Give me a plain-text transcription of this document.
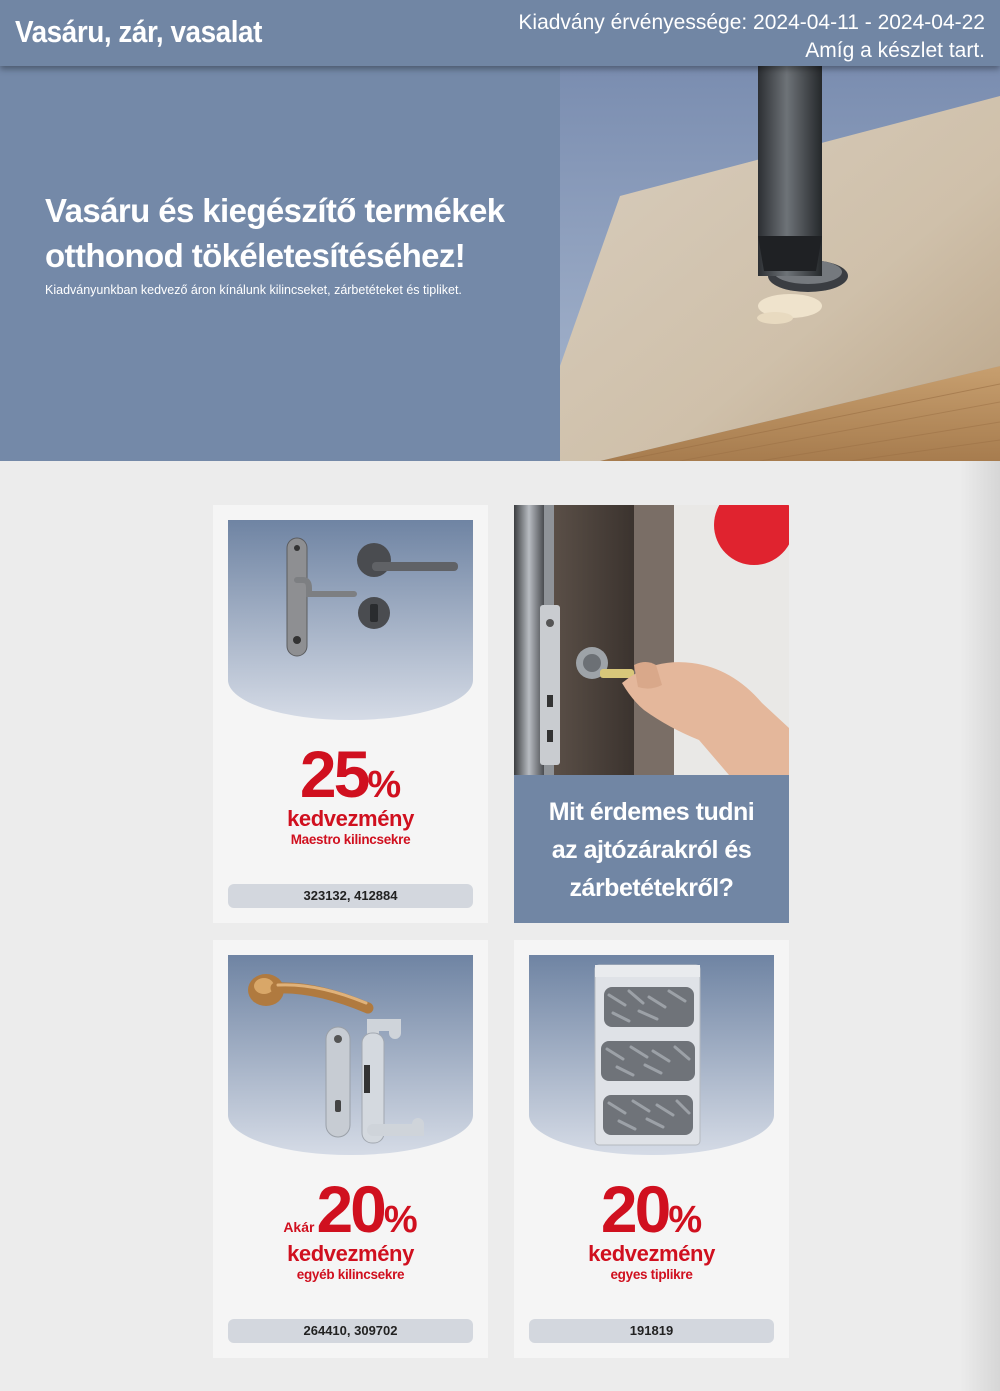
Vasáru, zár, vasalat	Kiadvány érvényessége: 2024-04-11 - 2024-04-22
Amíg a készlet tart.
Vasáru és kiegészítő termékek otthonod tökéletesítéséhez!
Kiadványunkban kedvező áron kínálunk kilincseket, zárbetéteket és tipliket.
25%
kedvezmény
Maestro kilincsekre
323132, 412884
Mit érdemes tudni
az ajtózárakról és
zárbetétekről?
Akár20%
kedvezmény
egyéb kilincsekre
264410, 309702
20%
kedvezmény
egyes tiplikre
191819
